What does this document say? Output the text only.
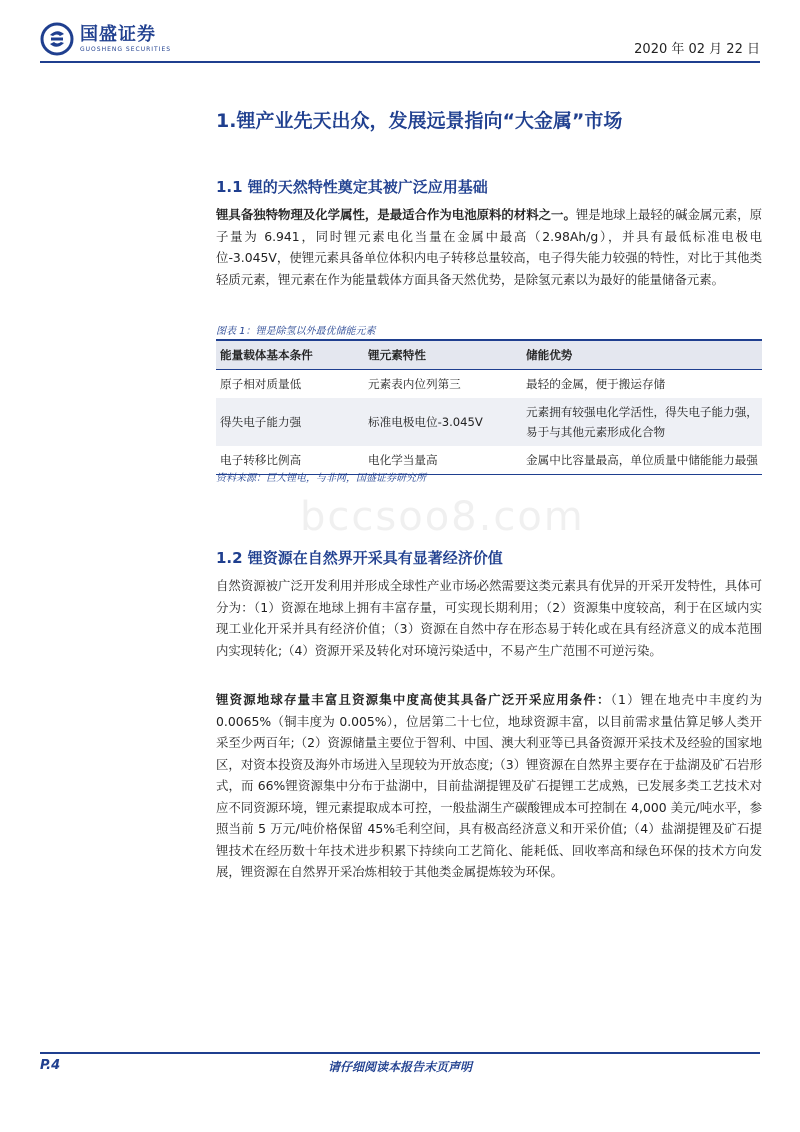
国盛证券
GUOSHENG SECURITIES	2020 年 02 月 22 日
1.锂产业先天出众，发展远景指向“大金属”市场
1.1 锂的天然特性奠定其被广泛应用基础
锂具备独特物理及化学属性，是最适合作为电池原料的材料之一。锂是地球上最轻的碱金属元素，原子量为 6.941，同时锂元素电化当量在金属中最高（2.98Ah/g），并具有最低标准电极电位-3.045V，使锂元素具备单位体积内电子转移总量较高，电子得失能力较强的特性，对比于其他类轻质元素，锂元素在作为能量载体方面具备天然优势，是除氢元素以为最好的能量储备元素。
图表 1：锂是除氢以外最优储能元素
能量载体基本条件	锂元素特性	储能优势
原子相对质量低	元素表内位列第三	最轻的金属，便于搬运存储
得失电子能力强	标准电极电位-3.045V	元素拥有较强电化学活性，得失电子能力强，易于与其他元素形成化合物
电子转移比例高	电化学当量高	金属中比容量最高，单位质量中储能能力最强
资料来源：巨大锂电，与非网，国盛证券研究所
bccsoo8.com
1.2 锂资源在自然界开采具有显著经济价值
自然资源被广泛开发利用并形成全球性产业市场必然需要这类元素具有优异的开采开发特性，具体可分为：（1）资源在地球上拥有丰富存量，可实现长期利用；（2）资源集中度较高，利于在区域内实现工业化开采并具有经济价值；（3）资源在自然中存在形态易于转化或在具有经济意义的成本范围内实现转化;（4）资源开采及转化对环境污染适中，不易产生广范围不可逆污染。
锂资源地球存量丰富且资源集中度高使其具备广泛开采应用条件：（1）锂在地壳中丰度约为 0.0065%（铜丰度为 0.005%），位居第二十七位，地球资源丰富，以目前需求量估算足够人类开采至少两百年;（2）资源储量主要位于智利、中国、澳大利亚等已具备资源开采技术及经验的国家地区，对资本投资及海外市场进入呈现较为开放态度;（3）锂资源在自然界主要存在于盐湖及矿石岩形式，而 66%锂资源集中分布于盐湖中，目前盐湖提锂及矿石提锂工艺成熟，已发展多类工艺技术对应不同资源环境，锂元素提取成本可控，一般盐湖生产碳酸锂成本可控制在 4,000 美元/吨水平，参照当前 5 万元/吨价格保留 45%毛利空间，具有极高经济意义和开采价值;（4）盐湖提锂及矿石提锂技术在经历数十年技术进步积累下持续向工艺简化、能耗低、回收率高和绿色环保的技术方向发展，锂资源在自然界开采冶炼相较于其他类金属提炼较为环保。
请仔细阅读本报告末页声明
P.4
